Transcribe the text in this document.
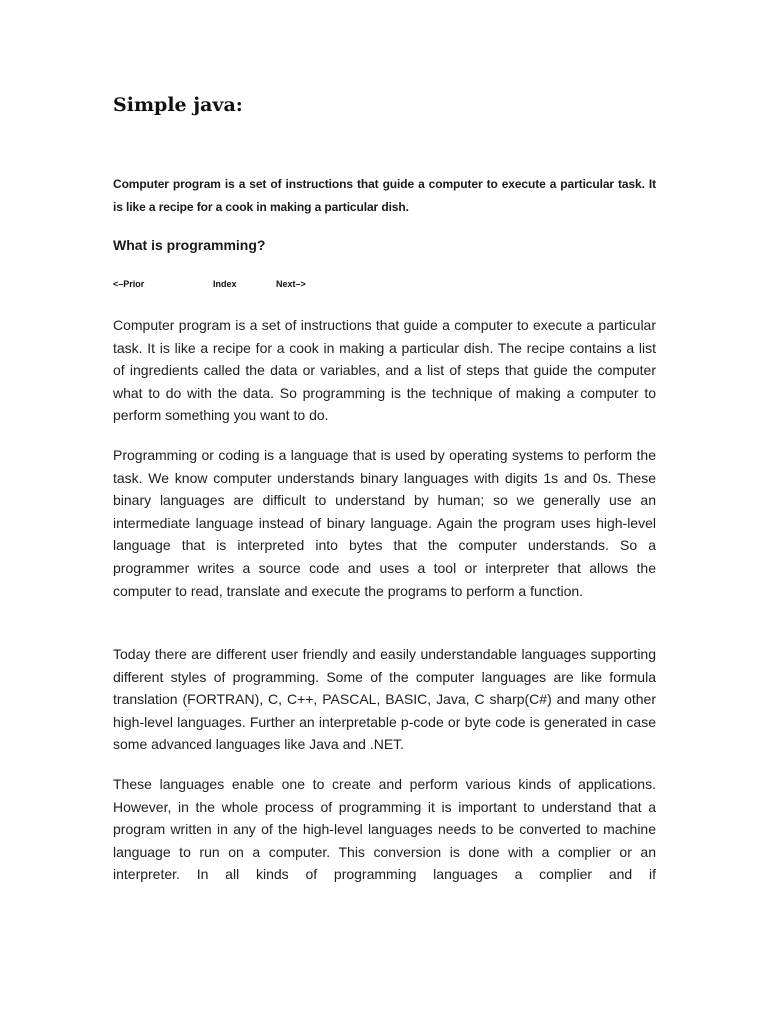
Simple java:

Computer program is a set of instructions that guide a computer to execute a particular task. It is like a recipe for a cook in making a particular dish.

What is programming?
<–Prior	Index	Next–>

Computer program is a set of instructions that guide a computer to execute a particular task. It is like a recipe for a cook in making a particular dish. The recipe contains a list of ingredients called the data or variables, and a list of steps that guide the computer what to do with the data. So programming is the technique of making a computer to perform something you want to do.

Programming or coding is a language that is used by operating systems to perform the task. We know computer understands binary languages with digits 1s and 0s. These binary languages are difficult to understand by human; so we generally use an intermediate language instead of binary language. Again the program uses high-level language that is interpreted into bytes that the computer understands. So a programmer writes a source code and uses a tool or interpreter that allows the computer to read, translate and execute the programs to perform a function.

Today there are different user friendly and easily understandable languages supporting different styles of programming. Some of the computer languages are like formula translation (FORTRAN), C, C++, PASCAL, BASIC, Java, C sharp(C#) and many other high-level languages. Further an interpretable p-code or byte code is generated in case some advanced languages like Java and .NET.

These languages enable one to create and perform various kinds of applications. However, in the whole process of programming it is important to understand that a program written in any of the high-level languages needs to be converted to machine language to run on a computer. This conversion is done with a complier or an interpreter. In all kinds of programming languages a complier and if
